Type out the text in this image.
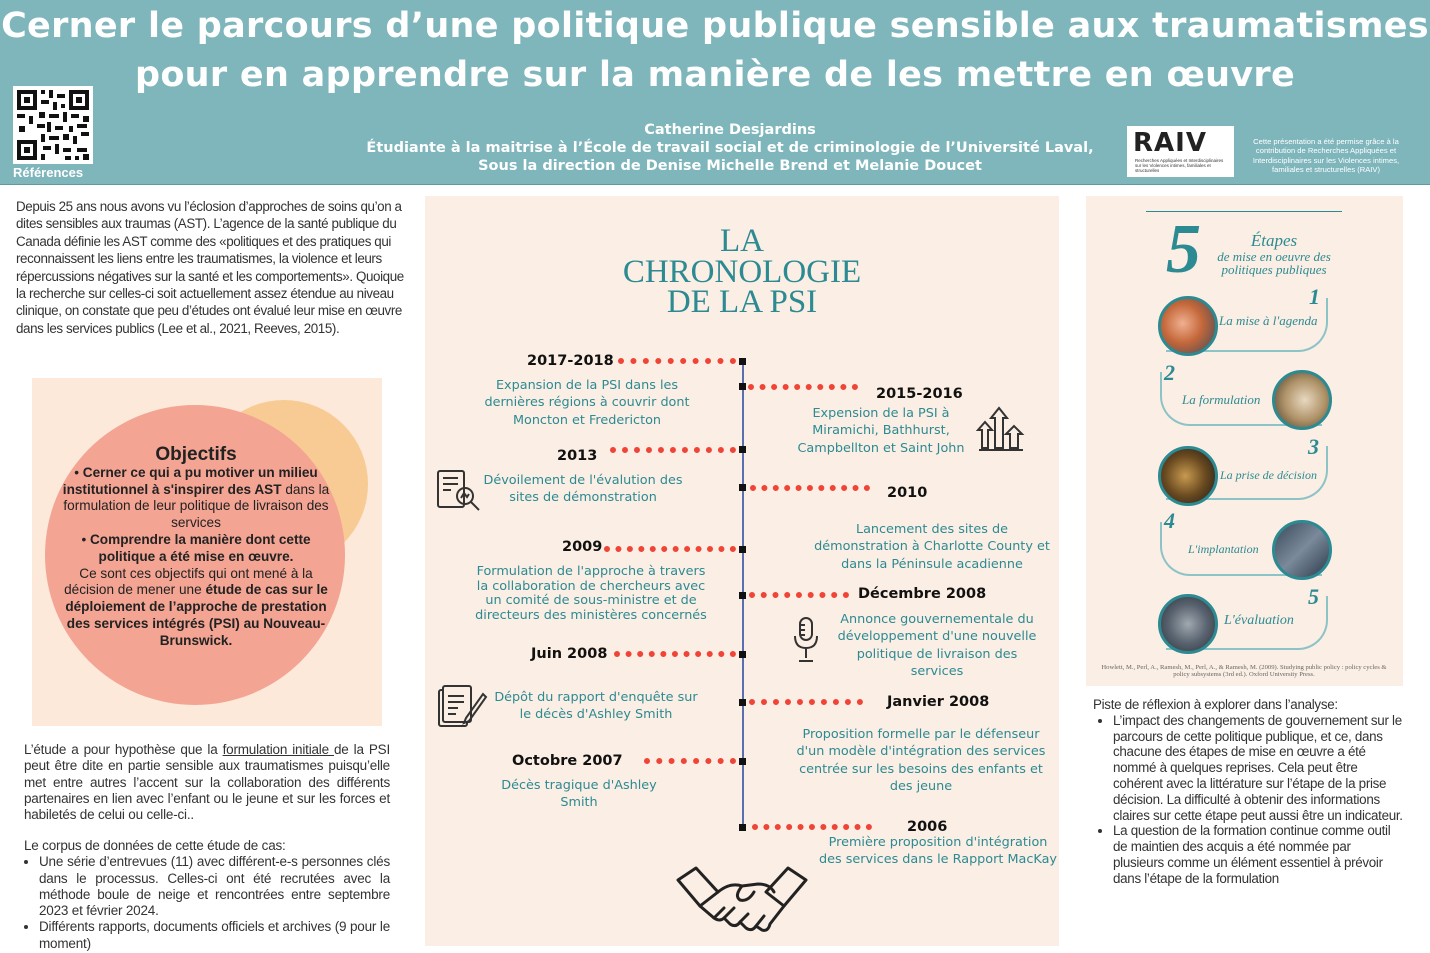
Cerner le parcours d’une politique publique sensible aux traumatismes
pour en apprendre sur la manière de les mettre en œuvre
Références
Catherine Desjardins
Étudiante à la maitrise à l’École de travail social et de criminologie de l’Université Laval,
Sous la direction de Denise Michelle Brend et Melanie Doucet
RAIV
Recherches Appliquées et Interdisciplinaires sur les Violences intimes, familiales et structurelles
Cette présentation a été permise grâce à la contribution de Recherches Appliquées et Interdisciplinaires sur les Violences intimes, familiales et structurelles (RAIV)
Depuis 25 ans nous avons vu l’éclosion d’approches de soins qu’on a dites sensibles aux traumas (AST). L’agence de la santé publique du Canada définie les AST comme des «politiques et des pratiques qui reconnaissent les liens entre les traumatismes, la violence et leurs répercussions négatives sur la santé et les comportements». Quoique la recherche sur celles-ci soit actuellement assez étendue au niveau clinique, on constate que peu d’études ont évalué leur mise en œuvre dans les services publics (Lee et al., 2021, Reeves, 2015).
Objectifs
• Cerner ce qui a pu motiver un milieu institutionnel à s'inspirer des AST dans la formulation de leur politique de livraison des services
• Comprendre la manière dont cette politique a été mise en œuvre.
Ce sont ces objectifs qui ont mené à la décision de mener une étude de cas sur le déploiement de l’approche de prestation des services intégrés (PSI) au Nouveau-Brunswick.
L’étude a pour hypothèse que la formulation initiale de la PSI peut être dite en partie sensible aux traumatismes puisqu’elle met entre autres l’accent sur la collaboration des différents partenaires en lien avec l’enfant ou le jeune et sur les forces et habiletés de celui ou celle-ci..
Le corpus de données de cette étude de cas:
• Une série d’entrevues (11) avec différent-e-s personnes clés dans le processus. Celles-ci ont été recrutées avec la méthode boule de neige et rencontrées entre septembre 2023 et février 2024.
• Différents rapports, documents officiels et archives (9 pour le moment)
LA
CHRONOLOGIE
DE LA PSI
2017-2018
Expansion de la PSI dans les dernières régions à couvrir dont Moncton et Fredericton
2015-2016
Expension de la PSI à Miramichi, Bathhurst, Campbellton et Saint John
2013
Dévoilement de l'évalution des sites de démonstration	2010
Lancement des sites de démonstration à Charlotte County et dans la Péninsule acadienne
2009
Formulation de l'approche à travers la collaboration de chercheurs avec un comité de sous-ministre et de directeurs des ministères concernés
Décembre 2008
Annonce gouvernementale du développement d'une nouvelle politique de livraison des services
Juin 2008
Dépôt du rapport d'enquête sur le décès d'Ashley Smith
Janvier 2008
Proposition formelle par le défenseur d'un modèle d'intégration des services centrée sur les besoins des enfants et des jeune
Octobre 2007
Décès tragique d'Ashley Smith
2006
Première proposition d'intégration des services dans le Rapport MacKay
5	Étapes
de mise en oeuvre des politiques publiques
1
La mise à l'agenda
2
La formulation
3
La prise de décision
4
L'implantation
5
L'évaluation
Howlett, M., Perl, A., Ramesh, M., Perl, A., & Ramesh, M. (2009). Studying public policy : policy cycles & policy subsystems (3rd ed.). Oxford University Press.
Piste de réflexion à explorer dans l’analyse:
• L’impact des changements de gouvernement sur le parcours de cette politique publique, et ce, dans chacune des étapes de mise en œuvre a été nommé à quelques reprises. Cela peut être cohérent avec la littérature sur l’étape de la prise décision. La difficulté à obtenir des informations claires sur cette étape peut aussi être un indicateur.
• La question de la formation continue comme outil de maintien des acquis a été nommée par plusieurs comme un élément essentiel à prévoir dans l’étape de la formulation
